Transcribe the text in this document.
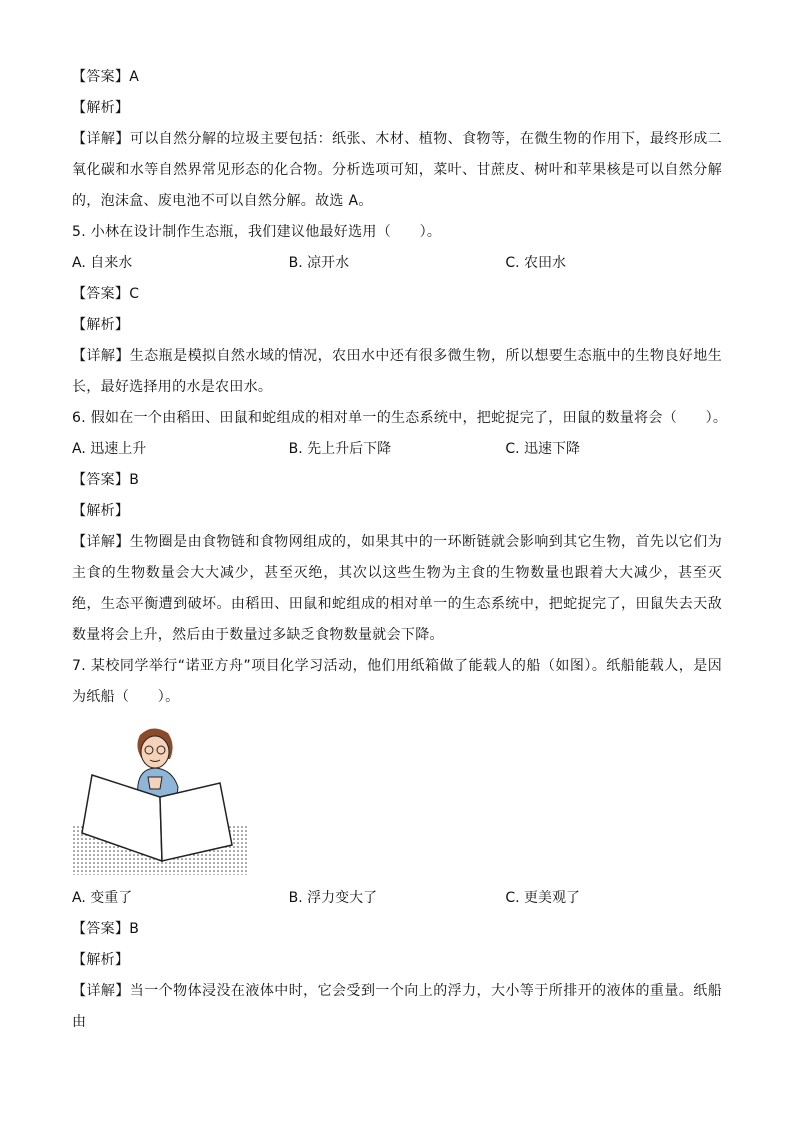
【答案】A
【解析】
【详解】可以自然分解的垃圾主要包括：纸张、木材、植物、食物等，在微生物的作用下，最终形成二氧化碳和水等自然界常见形态的化合物。分析选项可知，菜叶、甘蔗皮、树叶和苹果核是可以自然分解的，泡沫盒、废电池不可以自然分解。故选 A。
5. 小林在设计制作生态瓶，我们建议他最好选用（　　）。
A. 自来水	B. 凉开水	C. 农田水
【答案】C
【解析】
【详解】生态瓶是模拟自然水域的情况，农田水中还有很多微生物，所以想要生态瓶中的生物良好地生长，最好选择用的水是农田水。
6. 假如在一个由稻田、田鼠和蛇组成的相对单一的生态系统中，把蛇捉完了，田鼠的数量将会（　　）。
A. 迅速上升	B. 先上升后下降	C. 迅速下降
【答案】B
【解析】
【详解】生物圈是由食物链和食物网组成的，如果其中的一环断链就会影响到其它生物，首先以它们为主食的生物数量会大大减少，甚至灭绝，其次以这些生物为主食的生物数量也跟着大大减少，甚至灭绝，生态平衡遭到破坏。由稻田、田鼠和蛇组成的相对单一的生态系统中，把蛇捉完了，田鼠失去天敌数量将会上升，然后由于数量过多缺乏食物数量就会下降。
7. 某校同学举行“诺亚方舟”项目化学习活动，他们用纸箱做了能载人的船（如图）。纸船能载人，是因为纸船（　　）。
A. 变重了	B. 浮力变大了	C. 更美观了
【答案】B
【解析】
【详解】当一个物体浸没在液体中时，它会受到一个向上的浮力，大小等于所排开的液体的重量。纸船由
